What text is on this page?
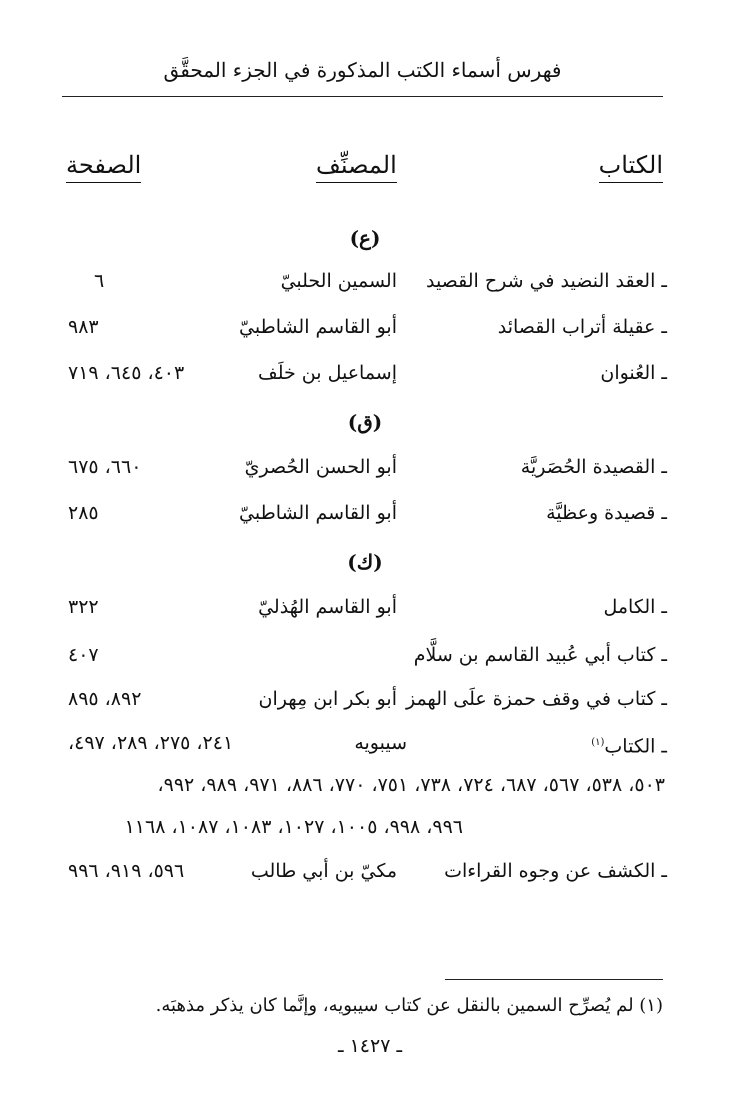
فهرس أسماء الكتب المذكورة في الجزء المحقَّق
الكتاب
المصنِّف
الصفحة
(ع)
ـ العقد النضيد في شرح القصيد
السمين الحلبيّ
٦
ـ عقيلة أتراب القصائد
أبو القاسم الشاطبيّ
٩٨٣
ـ العُنوان
إسماعيل بن خلَف
٤٠٣، ٦٤٥، ٧١٩
(ق)
ـ القصيدة الحُصَريَّة
أبو الحسن الحُصريّ
٦٦٠، ٦٧٥
ـ قصيدة وعظيَّة
أبو القاسم الشاطبيّ
٢٨٥
(ك)
ـ الكامل
أبو القاسم الهُذليّ
٣٢٢
ـ كتاب أبي عُبيد القاسم بن سلَّام
٤٠٧
ـ كتاب في وقف حمزة علَى الهمز
أبو بكر ابن مِهران
٨٩٢، ٨٩٥
ـ الكتاب$^{(١)}$
سيبويه
٢٤١، ٢٧٥، ٢٨٩، ٤٩٧،
٥٠٣، ٥٣٨، ٥٦٧، ٦٨٧، ٧٢٤، ٧٣٨، ٧٥١، ٧٧٠، ٨٨٦، ٩٧١، ٩٨٩، ٩٩٢،
٩٩٦، ٩٩٨، ١٠٠٥، ١٠٢٧، ١٠٨٣، ١٠٨٧، ١١٦٨
ـ الكشف عن وجوه القراءات
مكيّ بن أبي طالب
٥٩٦، ٩١٩، ٩٩٦
(١) لم يُصرِّح السمين بالنقل عن كتاب سيبويه، وإنَّما كان يذكر مذهبَه.
ـ ١٤٢٧ ـ
